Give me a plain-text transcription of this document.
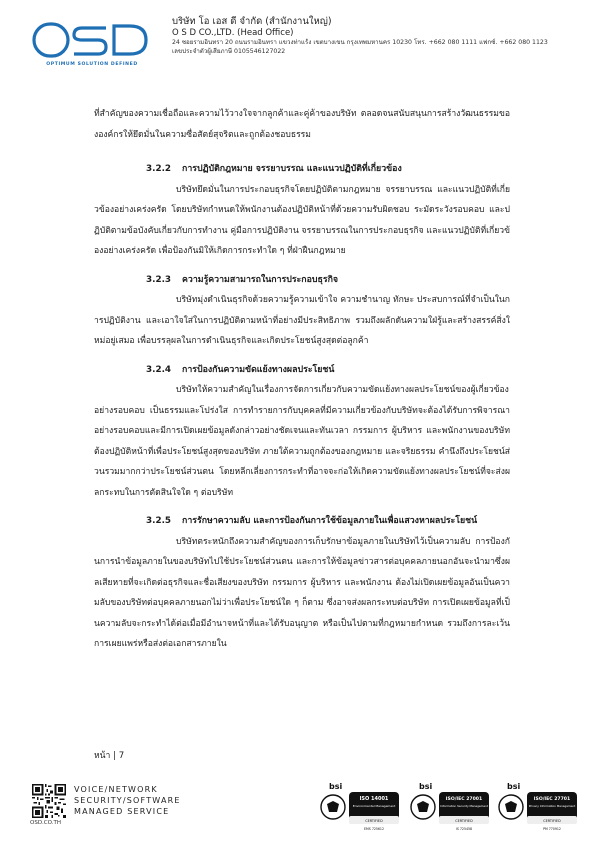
OPTIMUM SOLUTION DEFINED
บริษัท โอ เอส ดี จำกัด (สำนักงานใหญ่)
O S D CO.,LTD. (Head Office)
24 ซอยรามอินทรา 20 ถนนรามอินทรา แขวงท่าแร้ง เขตบางเขน กรุงเทพมหานคร 10230 โทร. +662 080 1111 แฟกซ์. +662 080 1123
เลขประจำตัวผู้เสียภาษี 0105546127022

ที่สำคัญของความเชื่อถือและความไว้วางใจจากลูกค้าและคู่ค้าของบริษัท ตลอดจนสนับสนุนการสร้างวัฒนธรรมขององค์กรให้ยึดมั่นในความซื่อสัตย์สุจริตและถูกต้องชอบธรรม

3.2.2 การปฏิบัติกฎหมาย จรรยาบรรณ และแนวปฏิบัติที่เกี่ยวข้อง

บริษัทยึดมั่นในการประกอบธุรกิจโดยปฏิบัติตามกฎหมาย จรรยาบรรณ และแนวปฏิบัติที่เกี่ยวข้องอย่างเคร่งครัด โดยบริษัทกำหนดให้พนักงานต้องปฏิบัติหน้าที่ด้วยความรับผิดชอบ ระมัดระวังรอบคอบ และปฏิบัติตามข้อบังคับเกี่ยวกับการทำงาน คู่มือการปฏิบัติงาน จรรยาบรรณในการประกอบธุรกิจ และแนวปฏิบัติที่เกี่ยวข้องอย่างเคร่งครัด เพื่อป้องกันมิให้เกิดการกระทำใด ๆ ที่ฝ่าฝืนกฎหมาย

3.2.3 ความรู้ความสามารถในการประกอบธุรกิจ

บริษัทมุ่งดำเนินธุรกิจด้วยความรู้ความเข้าใจ ความชำนาญ ทักษะ ประสบการณ์ที่จำเป็นในการปฏิบัติงาน และเอาใจใส่ในการปฏิบัติตามหน้าที่อย่างมีประสิทธิภาพ รวมถึงผลักดันความใฝ่รู้และสร้างสรรค์สิ่งใหม่อยู่เสมอ เพื่อบรรลุผลในการดำเนินธุรกิจและเกิดประโยชน์สูงสุดต่อลูกค้า

3.2.4 การป้องกันความขัดแย้งทางผลประโยชน์

บริษัทให้ความสำคัญในเรื่องการจัดการเกี่ยวกับความขัดแย้งทางผลประโยชน์ของผู้เกี่ยวข้องอย่างรอบคอบ เป็นธรรมและโปร่งใส การทำรายการกับบุคคลที่มีความเกี่ยวข้องกับบริษัทจะต้องได้รับการพิจารณาอย่างรอบคอบและมีการเปิดเผยข้อมูลดังกล่าวอย่างชัดเจนและทันเวลา กรรมการ ผู้บริหาร และพนักงานของบริษัท ต้องปฏิบัติหน้าที่เพื่อประโยชน์สูงสุดของบริษัท ภายใต้ความถูกต้องของกฎหมาย และจริยธรรม คำนึงถึงประโยชน์ส่วนรวมมากกว่าประโยชน์ส่วนตน โดยหลีกเลี่ยงการกระทำที่อาจจะก่อให้เกิดความขัดแย้งทางผลประโยชน์ที่จะส่งผลกระทบในการตัดสินใจใด ๆ ต่อบริษัท

3.2.5 การรักษาความลับ และการป้องกันการใช้ข้อมูลภายในเพื่อแสวงหาผลประโยชน์

บริษัทตระหนักถึงความสำคัญของการเก็บรักษาข้อมูลภายในบริษัทไว้เป็นความลับ การป้องกันการนำข้อมูลภายในของบริษัทไปใช้ประโยชน์ส่วนตน และการให้ข้อมูลข่าวสารต่อบุคคลภายนอกอันจะนำมาซึ่งผลเสียหายที่จะเกิดต่อธุรกิจและชื่อเสียงของบริษัท กรรมการ ผู้บริหาร และพนักงาน ต้องไม่เปิดเผยข้อมูลอันเป็นความลับของบริษัทต่อบุคคลภายนอกไม่ว่าเพื่อประโยชน์ใด ๆ ก็ตาม ซึ่งอาจส่งผลกระทบต่อบริษัท การเปิดเผยข้อมูลที่เป็นความลับจะกระทำได้ต่อเมื่อมีอำนาจหน้าที่และได้รับอนุญาต หรือเป็นไปตามที่กฎหมายกำหนด รวมถึงการละเว้นการเผยแพร่หรือส่งต่อเอกสารภายใน

หน้า | 7
OSD.CO.TH
VOICE/NETWORK
SECURITY/SOFTWARE
MANAGED SERVICE
bsi
ISO 14001
Environmental Management
CERTIFIED
EMS 725612
bsi
ISO/IEC 27001
Information Security Management
CERTIFIED
IS 725458
bsi
ISO/IEC 27701
Privacy Information Management
CERTIFIED
PM 770912
